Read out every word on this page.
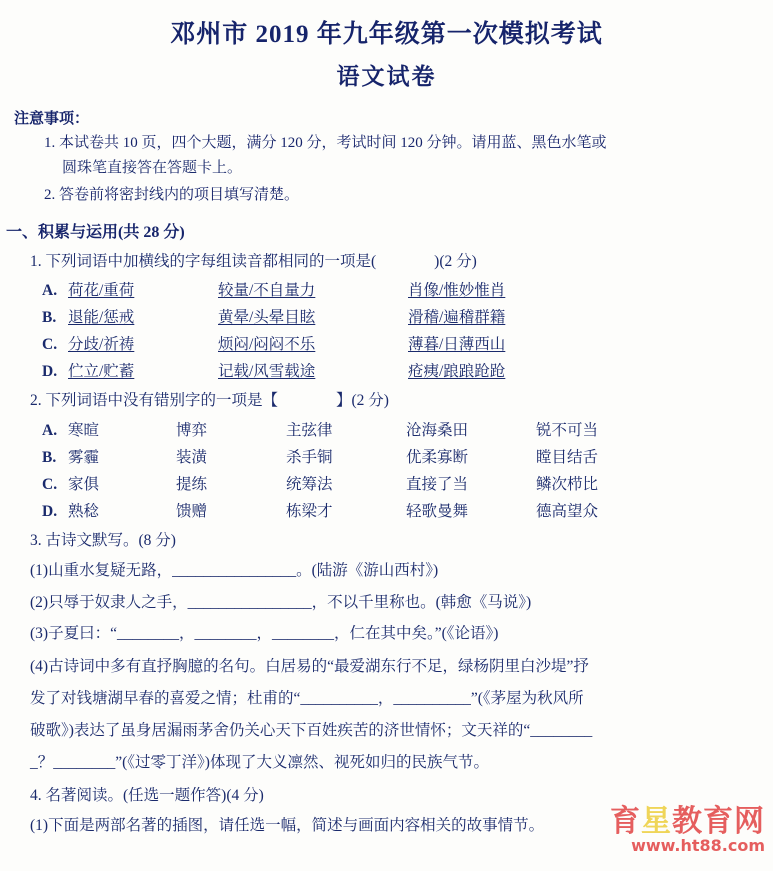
邓州市 2019 年九年级第一次模拟考试
语文试卷
注意事项：
1. 本试卷共 10 页，四个大题，满分 120 分，考试时间 120 分钟。请用蓝、黑色水笔或
圆珠笔直接答在答题卡上。
2. 答卷前将密封线内的项目填写清楚。
一、积累与运用(共 28 分)
1. 下列词语中加横线的字每组读音都相同的一项是(	)(2 分)
A. 荷花/重荷	较量/不自量力	肖像/惟妙惟肖
B. 退能/惩戒	黄晕/头晕目眩	滑稽/遍稽群籍
C. 分歧/祈祷	烦闷/闷闷不乐	薄暮/日薄西山
D. 伫立/贮蓄	记载/风雪载途	疮痍/踉踉跄跄
2. 下列词语中没有错别字的一项是【	】(2 分)
A. 寒暄	博弈	主弦律	沧海桑田	锐不可当
B. 雾霾	装潢	杀手铜	优柔寡断	瞠目结舌
C. 家俱	提练	统筹法	直接了当	鳞次栉比
D. 熟稔	馈赠	栋梁才	轻歌曼舞	德高望众
3. 古诗文默写。(8 分)
(1)山重水复疑无路，________________。(陆游《游山西村》)
(2)只辱于奴隶人之手，________________，不以千里称也。(韩愈《马说》)
(3)子夏曰：“________，________，________，仁在其中矣。”(《论语》)
(4)古诗词中多有直抒胸臆的名句。白居易的“最爱湖东行不足，绿杨阴里白沙堤”抒
发了对钱塘湖早春的喜爱之情；杜甫的“__________，__________”(《茅屋为秋风所
破歌》)表达了虽身居漏雨茅舍仍关心天下百姓疾苦的济世情怀；文天祥的“________
_？________”(《过零丁洋》)体现了大义凛然、视死如归的民族气节。
4. 名著阅读。(任选一题作答)(4 分)
(1)下面是两部名著的插图，请任选一幅，简述与画面内容相关的故事情节。	育星教育网
www.ht88.com
